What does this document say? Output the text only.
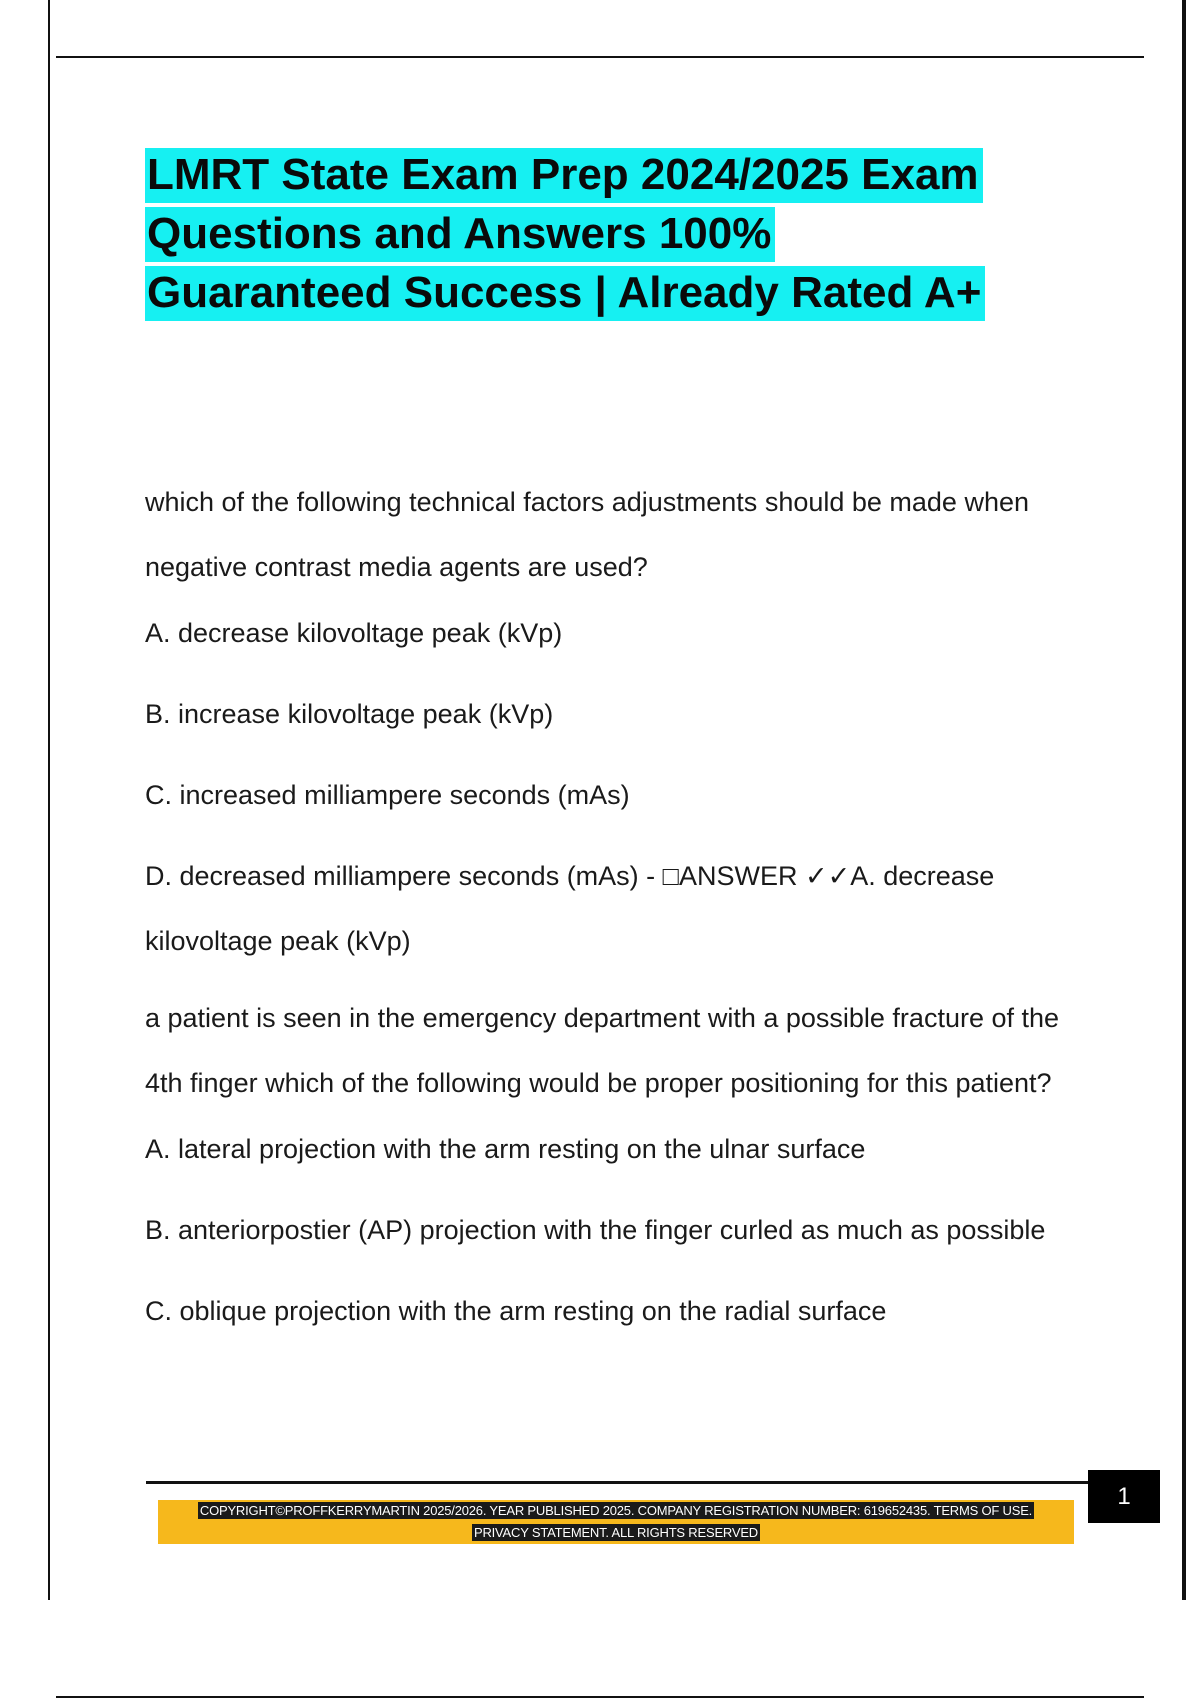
LMRT State Exam Prep 2024/2025 Exam
Questions and Answers 100%
Guaranteed Success | Already Rated A+

which of the following technical factors adjustments should be made when negative contrast media agents are used?

A. decrease kilovoltage peak (kVp)

B. increase kilovoltage peak (kVp)

C. increased milliampere seconds (mAs)

D. decreased milliampere seconds (mAs) - □ANSWER ✓✓A. decrease kilovoltage peak (kVp)

a patient is seen in the emergency department with a possible fracture of the 4th finger which of the following would be proper positioning for this patient?

A. lateral projection with the arm resting on the ulnar surface

B. anteriorpostier (AP) projection with the finger curled as much as possible

C. oblique projection with the arm resting on the radial surface

1
COPYRIGHT©PROFFKERRYMARTIN 2025/2026. YEAR PUBLISHED 2025. COMPANY REGISTRATION NUMBER: 619652435. TERMS OF USE.
PRIVACY STATEMENT. ALL RIGHTS RESERVED
